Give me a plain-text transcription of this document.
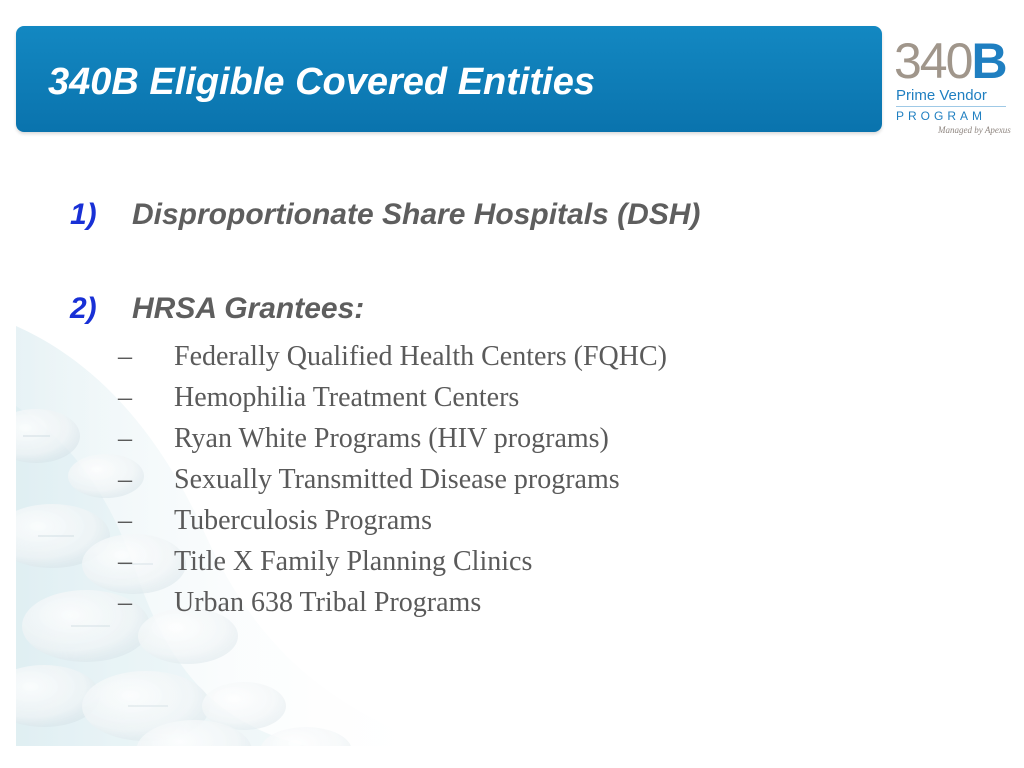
340B Eligible Covered Entities	340B
Prime Vendor
PROGRAM
Managed by Apexus
1) Disproportionate Share Hospitals (DSH)
2) HRSA Grantees:
– Federally Qualified Health Centers (FQHC)
– Hemophilia Treatment Centers
– Ryan White Programs (HIV programs)
– Sexually Transmitted Disease programs
– Tuberculosis Programs
– Title X Family Planning Clinics
– Urban 638 Tribal Programs
